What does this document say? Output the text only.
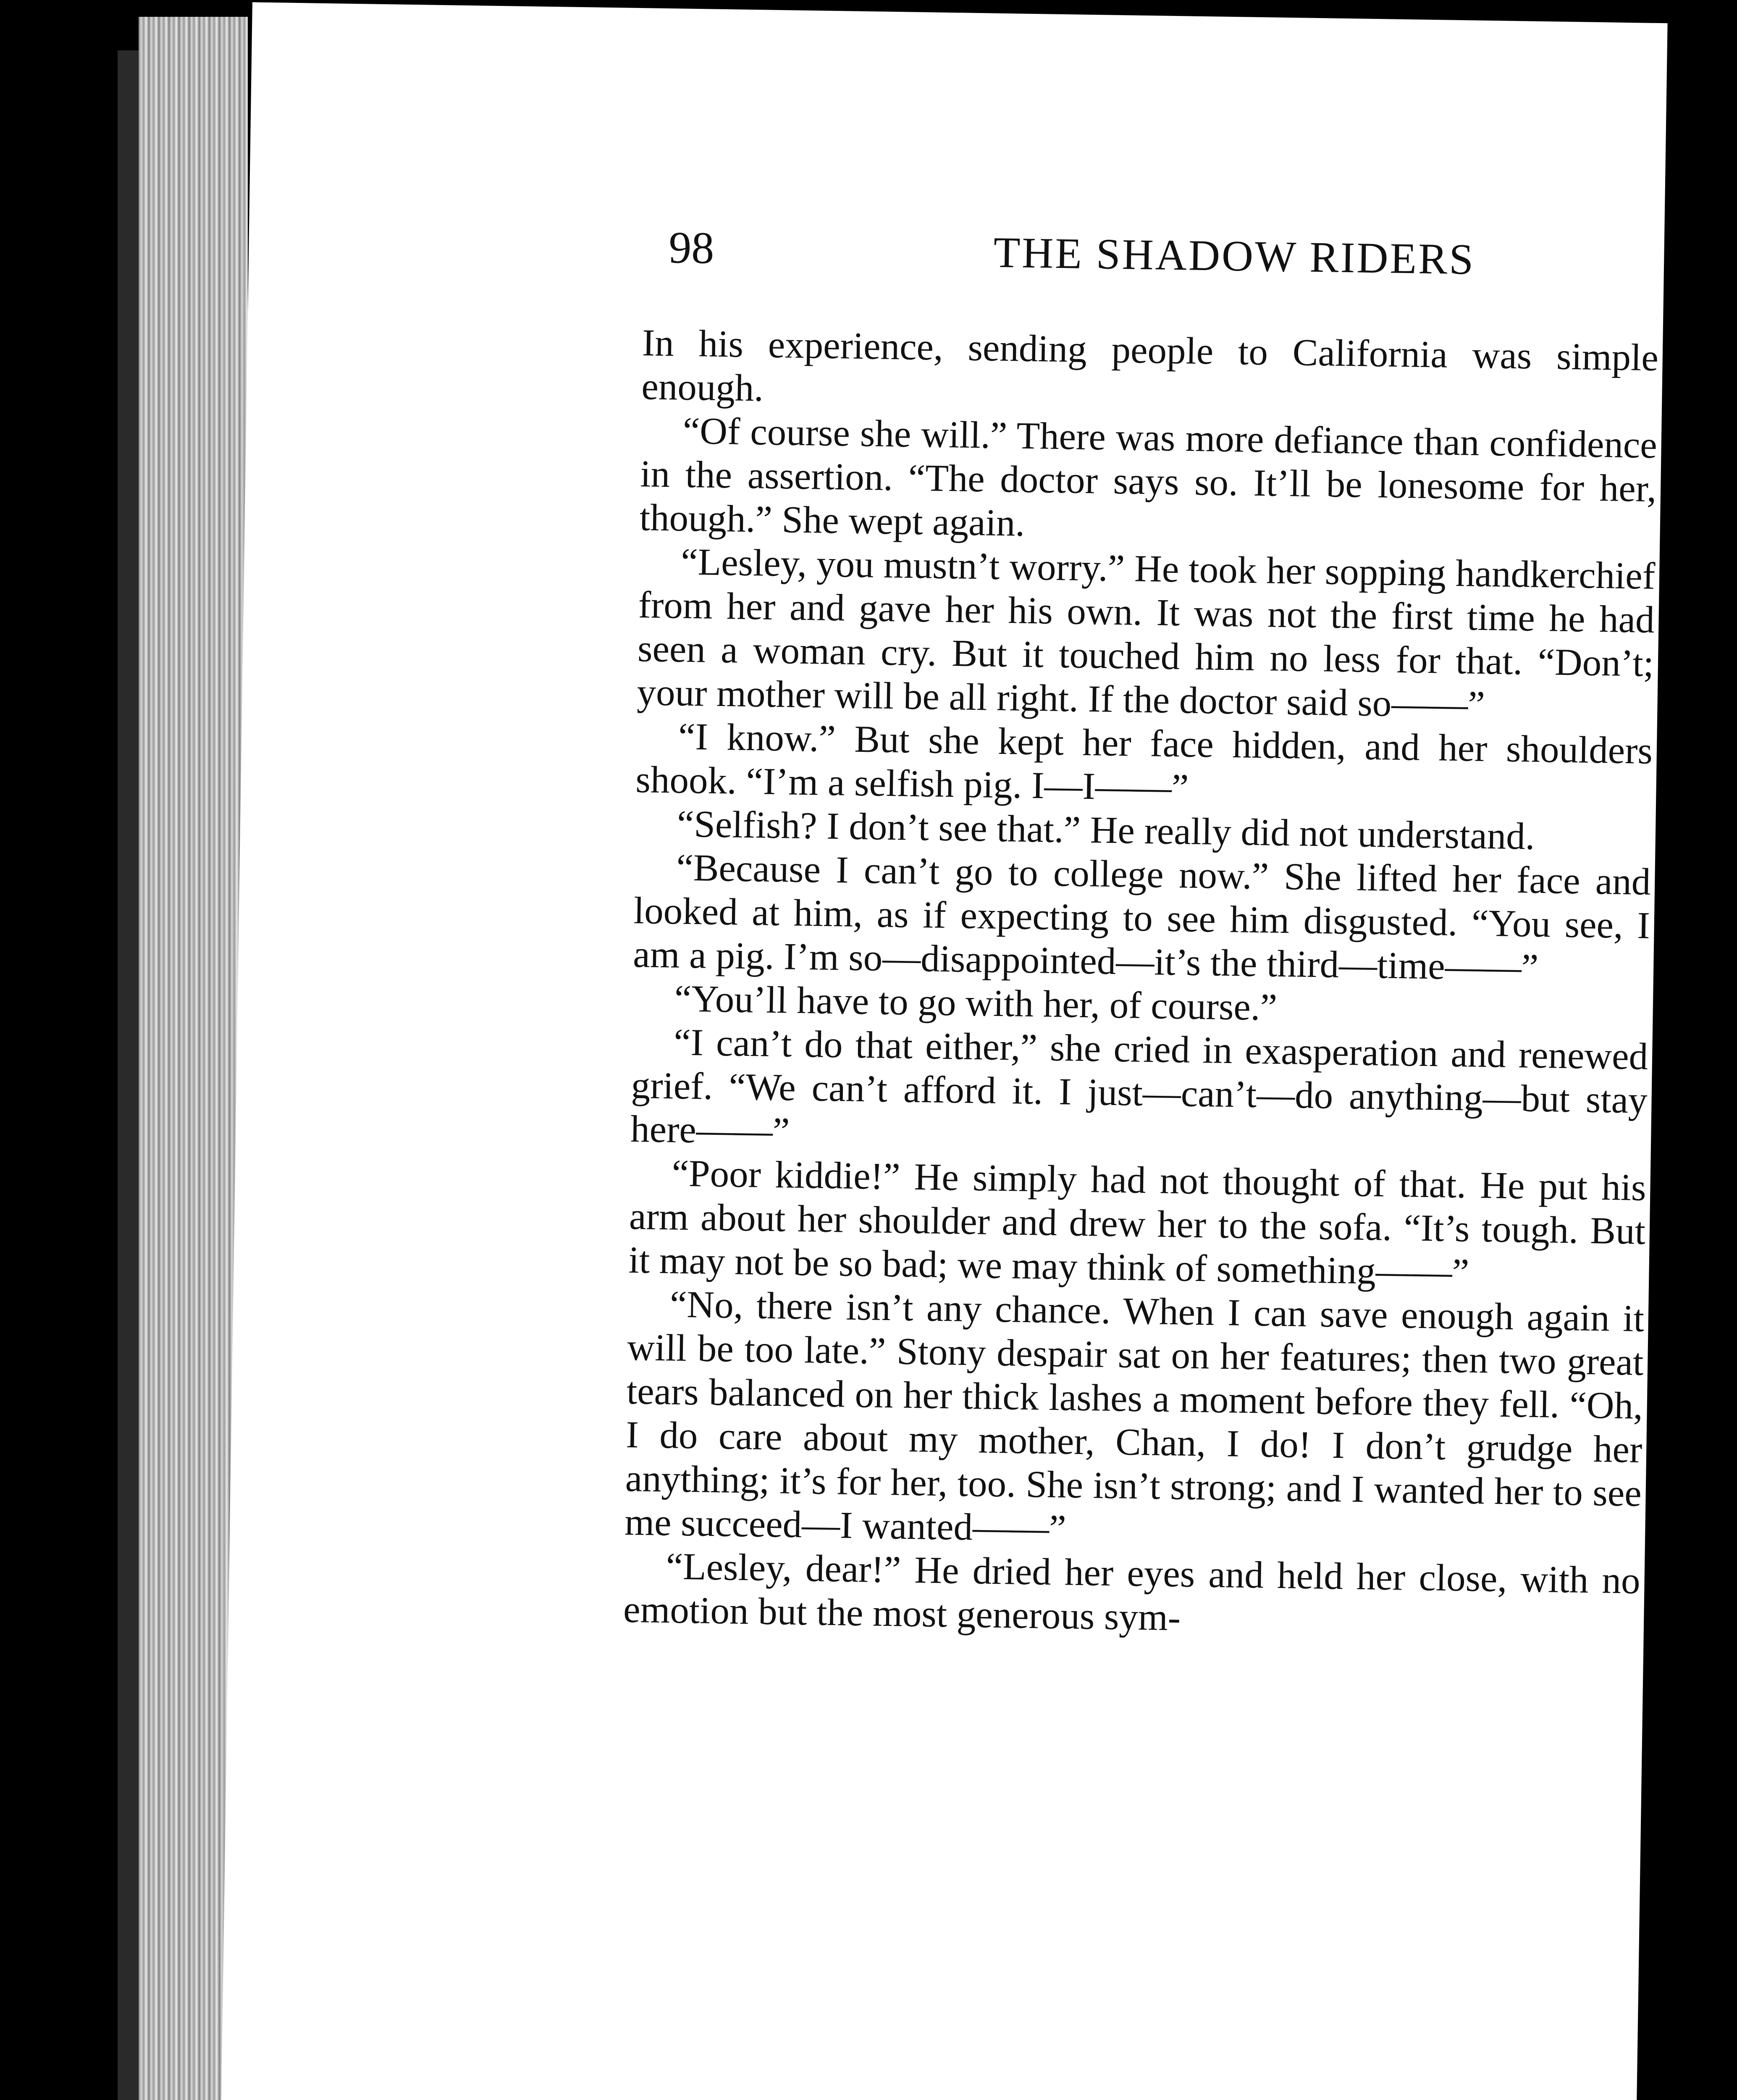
98	THE SHADOW RIDERS

In his experience, sending people to California was simple enough.

“Of course she will.” There was more defiance than confidence in the assertion. “The doctor says so. It’ll be lonesome for her, though.” She wept again.

“Lesley, you mustn’t worry.” He took her sopping handkerchief from her and gave her his own. It was not the first time he had seen a woman cry. But it touched him no less for that. “Don’t; your mother will be all right. If the doctor said so——”

“I know.” But she kept her face hidden, and her shoulders shook. “I’m a selfish pig. I—I——”

“Selfish? I don’t see that.” He really did not understand.

“Because I can’t go to college now.” She lifted her face and looked at him, as if expecting to see him disgusted. “You see, I am a pig. I’m so—disappointed—it’s the third—time——”

“You’ll have to go with her, of course.”

“I can’t do that either,” she cried in exasperation and renewed grief. “We can’t afford it. I just—can’t—do anything—but stay here——”

“Poor kiddie!” He simply had not thought of that. He put his arm about her shoulder and drew her to the sofa. “It’s tough. But it may not be so bad; we may think of something——”

“No, there isn’t any chance. When I can save enough again it will be too late.” Stony despair sat on her features; then two great tears balanced on her thick lashes a moment before they fell. “Oh, I do care about my mother, Chan, I do! I don’t grudge her anything; it’s for her, too. She isn’t strong; and I wanted her to see me succeed—I wanted——”

“Lesley, dear!” He dried her eyes and held her close, with no emotion but the most generous sym-
